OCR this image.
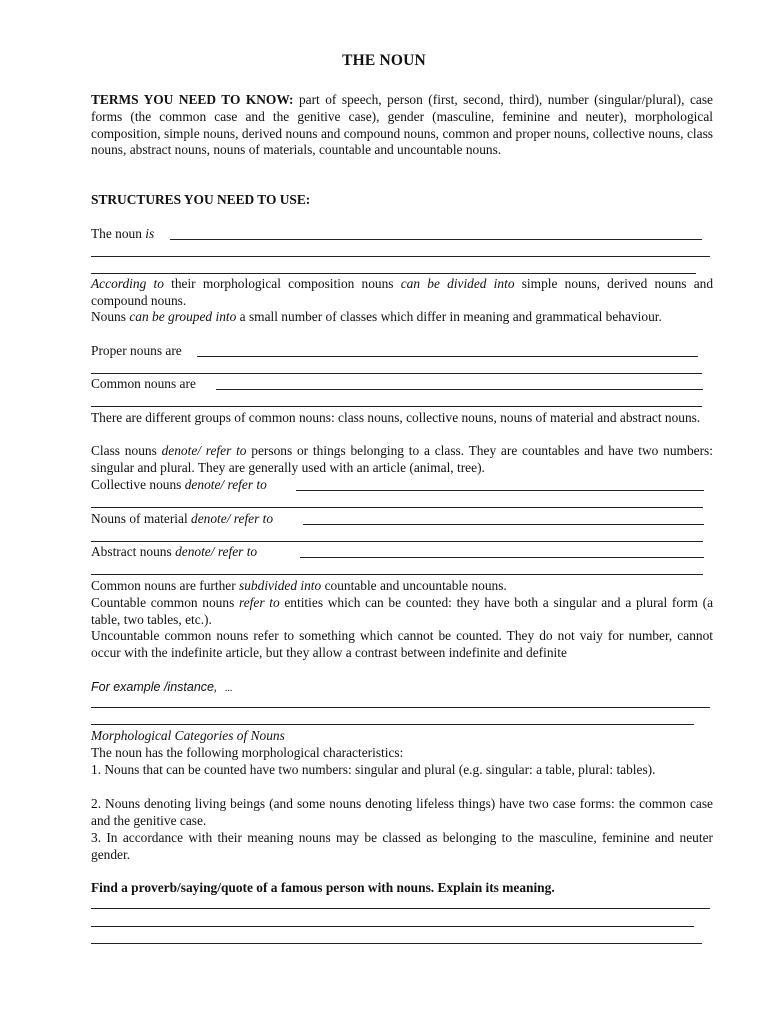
THE NOUN
TERMS YOU NEED TO KNOW: part of speech, person (first, second, third), number (singular/plural), case forms (the common case and the genitive case), gender (masculine, feminine and neuter), morphological composition, simple nouns, derived nouns and compound nouns, common and proper nouns, collective nouns, class nouns, abstract nouns, nouns of materials, countable and uncountable nouns.
STRUCTURES YOU NEED TO USE:
The noun is
According to their morphological composition nouns can be divided into simple nouns, derived nouns and compound nouns.
Nouns can be grouped into a small number of classes which differ in meaning and grammatical behaviour.
Proper nouns are
Common nouns are
There are different groups of common nouns: class nouns, collective nouns, nouns of material and abstract nouns.
Class nouns denote/ refer to persons or things belonging to a class. They are countables and have two numbers: singular and plural. They are generally used with an article (animal, tree).
Collective nouns denote/ refer to
Nouns of material denote/ refer to
Abstract nouns denote/ refer to
Common nouns are further subdivided into countable and uncountable nouns.
Countable common nouns refer to entities which can be counted: they have both a singular and a plural form (a table, two tables, etc.).
Uncountable common nouns refer to something which cannot be counted. They do not vaiy for number, cannot occur with the indefinite article, but they allow a contrast between indefinite and definite
For example /instance, ...
Morphological Categories of Nouns
The noun has the following morphological characteristics:
1. Nouns that can be counted have two numbers: singular and plural (e.g. singular: a table, plural: tables).
2. Nouns denoting living beings (and some nouns denoting lifeless things) have two case forms: the common case and the genitive case.
3. In accordance with their meaning nouns may be classed as belonging to the masculine, feminine and neuter gender.
Find a proverb/saying/quote of a famous person with nouns. Explain its meaning.
